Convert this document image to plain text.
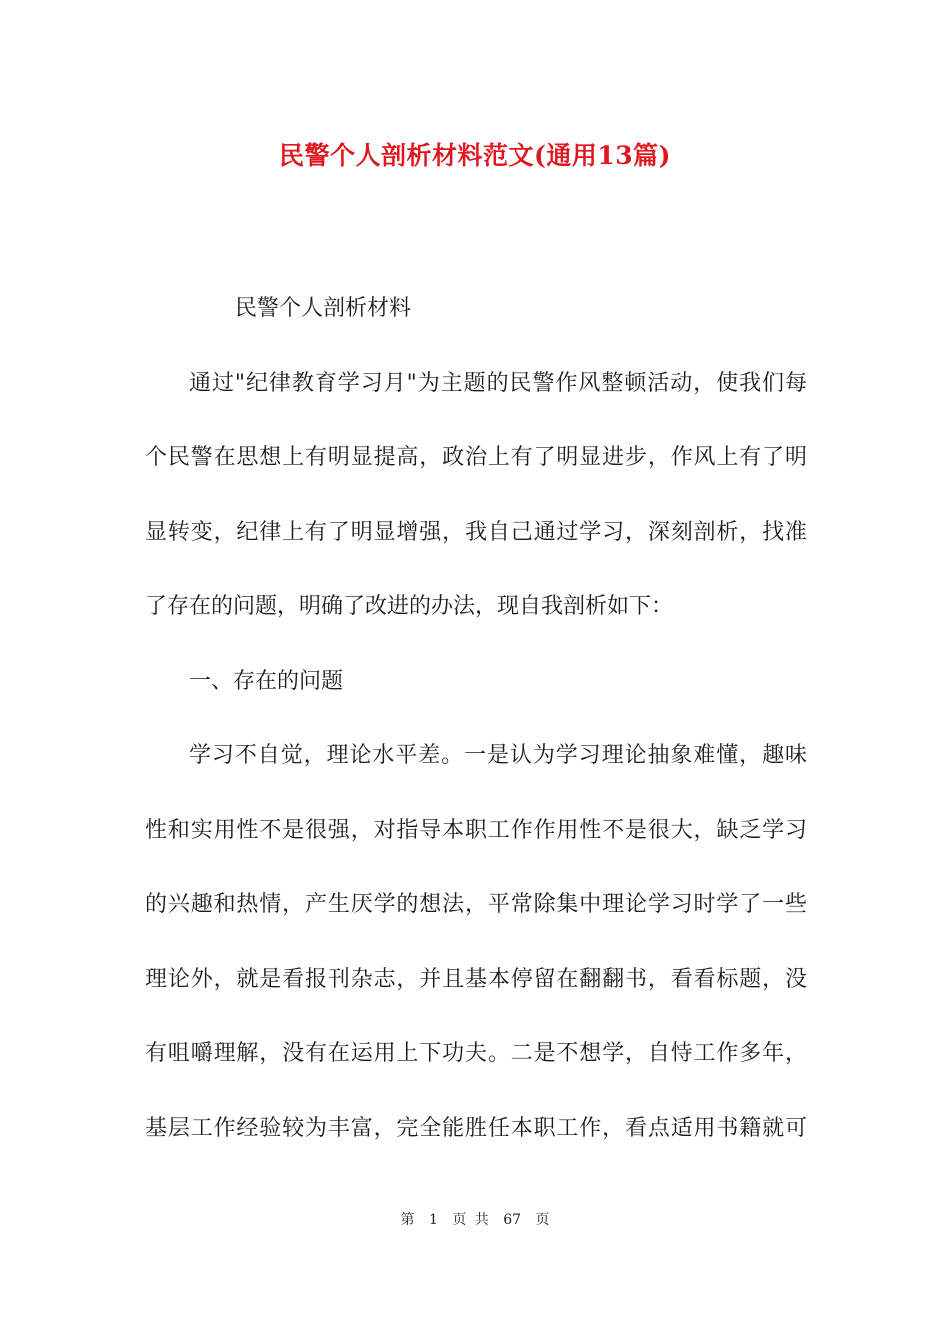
民警个人剖析材料范文(通用13篇)
民警个人剖析材料
通过"纪律教育学习月"为主题的民警作风整顿活动，使我们每
个民警在思想上有明显提高，政治上有了明显进步，作风上有了明
显转变，纪律上有了明显增强，我自己通过学习，深刻剖析，找准
了存在的问题，明确了改进的办法，现自我剖析如下：
一、存在的问题
学习不自觉，理论水平差。一是认为学习理论抽象难懂，趣味
性和实用性不是很强，对指导本职工作作用性不是很大，缺乏学习
的兴趣和热情，产生厌学的想法，平常除集中理论学习时学了一些
理论外，就是看报刊杂志，并且基本停留在翻翻书，看看标题，没
有咀嚼理解，没有在运用上下功夫。二是不想学，自恃工作多年，
基层工作经验较为丰富，完全能胜任本职工作，看点适用书籍就可
第 1 页 共 67 页
